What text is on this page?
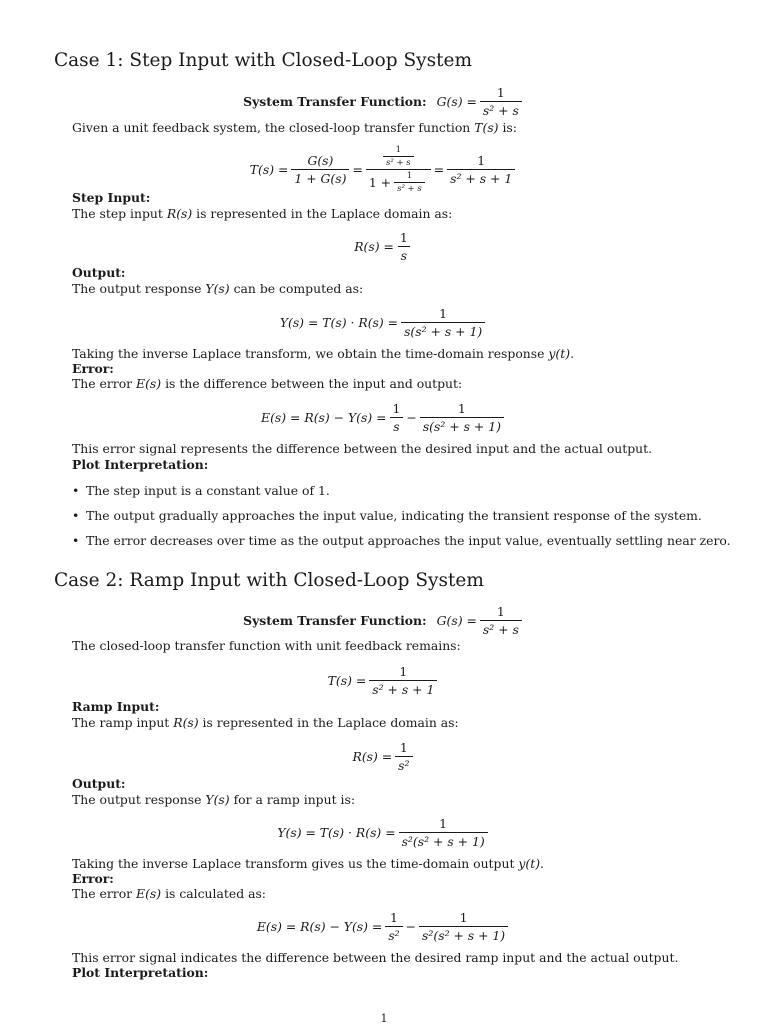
Case 1: Step Input with Closed-Loop System
System Transfer Function: $G(s) = \frac{1}{\text{s² + s}}$
Given a unit feedback system, the closed-loop transfer function T(s) is:
$T(s) = \frac{G(s)}{1 + G(s)} = \frac{\frac{1}{\text{s² + s}}}{1 + \frac{1}{\text{s² + s}}} = \frac{1}{\text{s² + s + 1}}$
Step Input:
The step input R(s) is represented in the Laplace domain as:
$R(s) = \frac{1}{s}$
Output:
The output response Y(s) can be computed as:
$Y(s) = T(s) \cdot R(s) = \frac{1}{\text{s(s² + s + 1)}}$
Taking the inverse Laplace transform, we obtain the time-domain response y(t).
Error:
The error E(s) is the difference between the input and output:
$E(s) = R(s) - Y(s) = \frac{1}{s} - \frac{1}{\text{s(s² + s + 1)}}$
This error signal represents the difference between the desired input and the actual output.
Plot Interpretation:
• The step input is a constant value of 1.
• The output gradually approaches the input value, indicating the transient response of the system.
• The error decreases over time as the output approaches the input value, eventually settling near zero.
Case 2: Ramp Input with Closed-Loop System
System Transfer Function: $G(s) = \frac{1}{\text{s² + s}}$
The closed-loop transfer function with unit feedback remains:
$T(s) = \frac{1}{\text{s² + s + 1}}$
Ramp Input:
The ramp input R(s) is represented in the Laplace domain as:
$R(s) = \frac{1}{\text{s²}}$
Output:
The output response Y(s) for a ramp input is:
$Y(s) = T(s) \cdot R(s) = \frac{1}{\text{s²(s² + s + 1)}}$
Taking the inverse Laplace transform gives us the time-domain output y(t).
Error:
The error E(s) is calculated as:
$E(s) = R(s) - Y(s) = \frac{1}{\text{s²}} - \frac{1}{\text{s²(s² + s + 1)}}$
This error signal indicates the difference between the desired ramp input and the actual output.
Plot Interpretation:
1
